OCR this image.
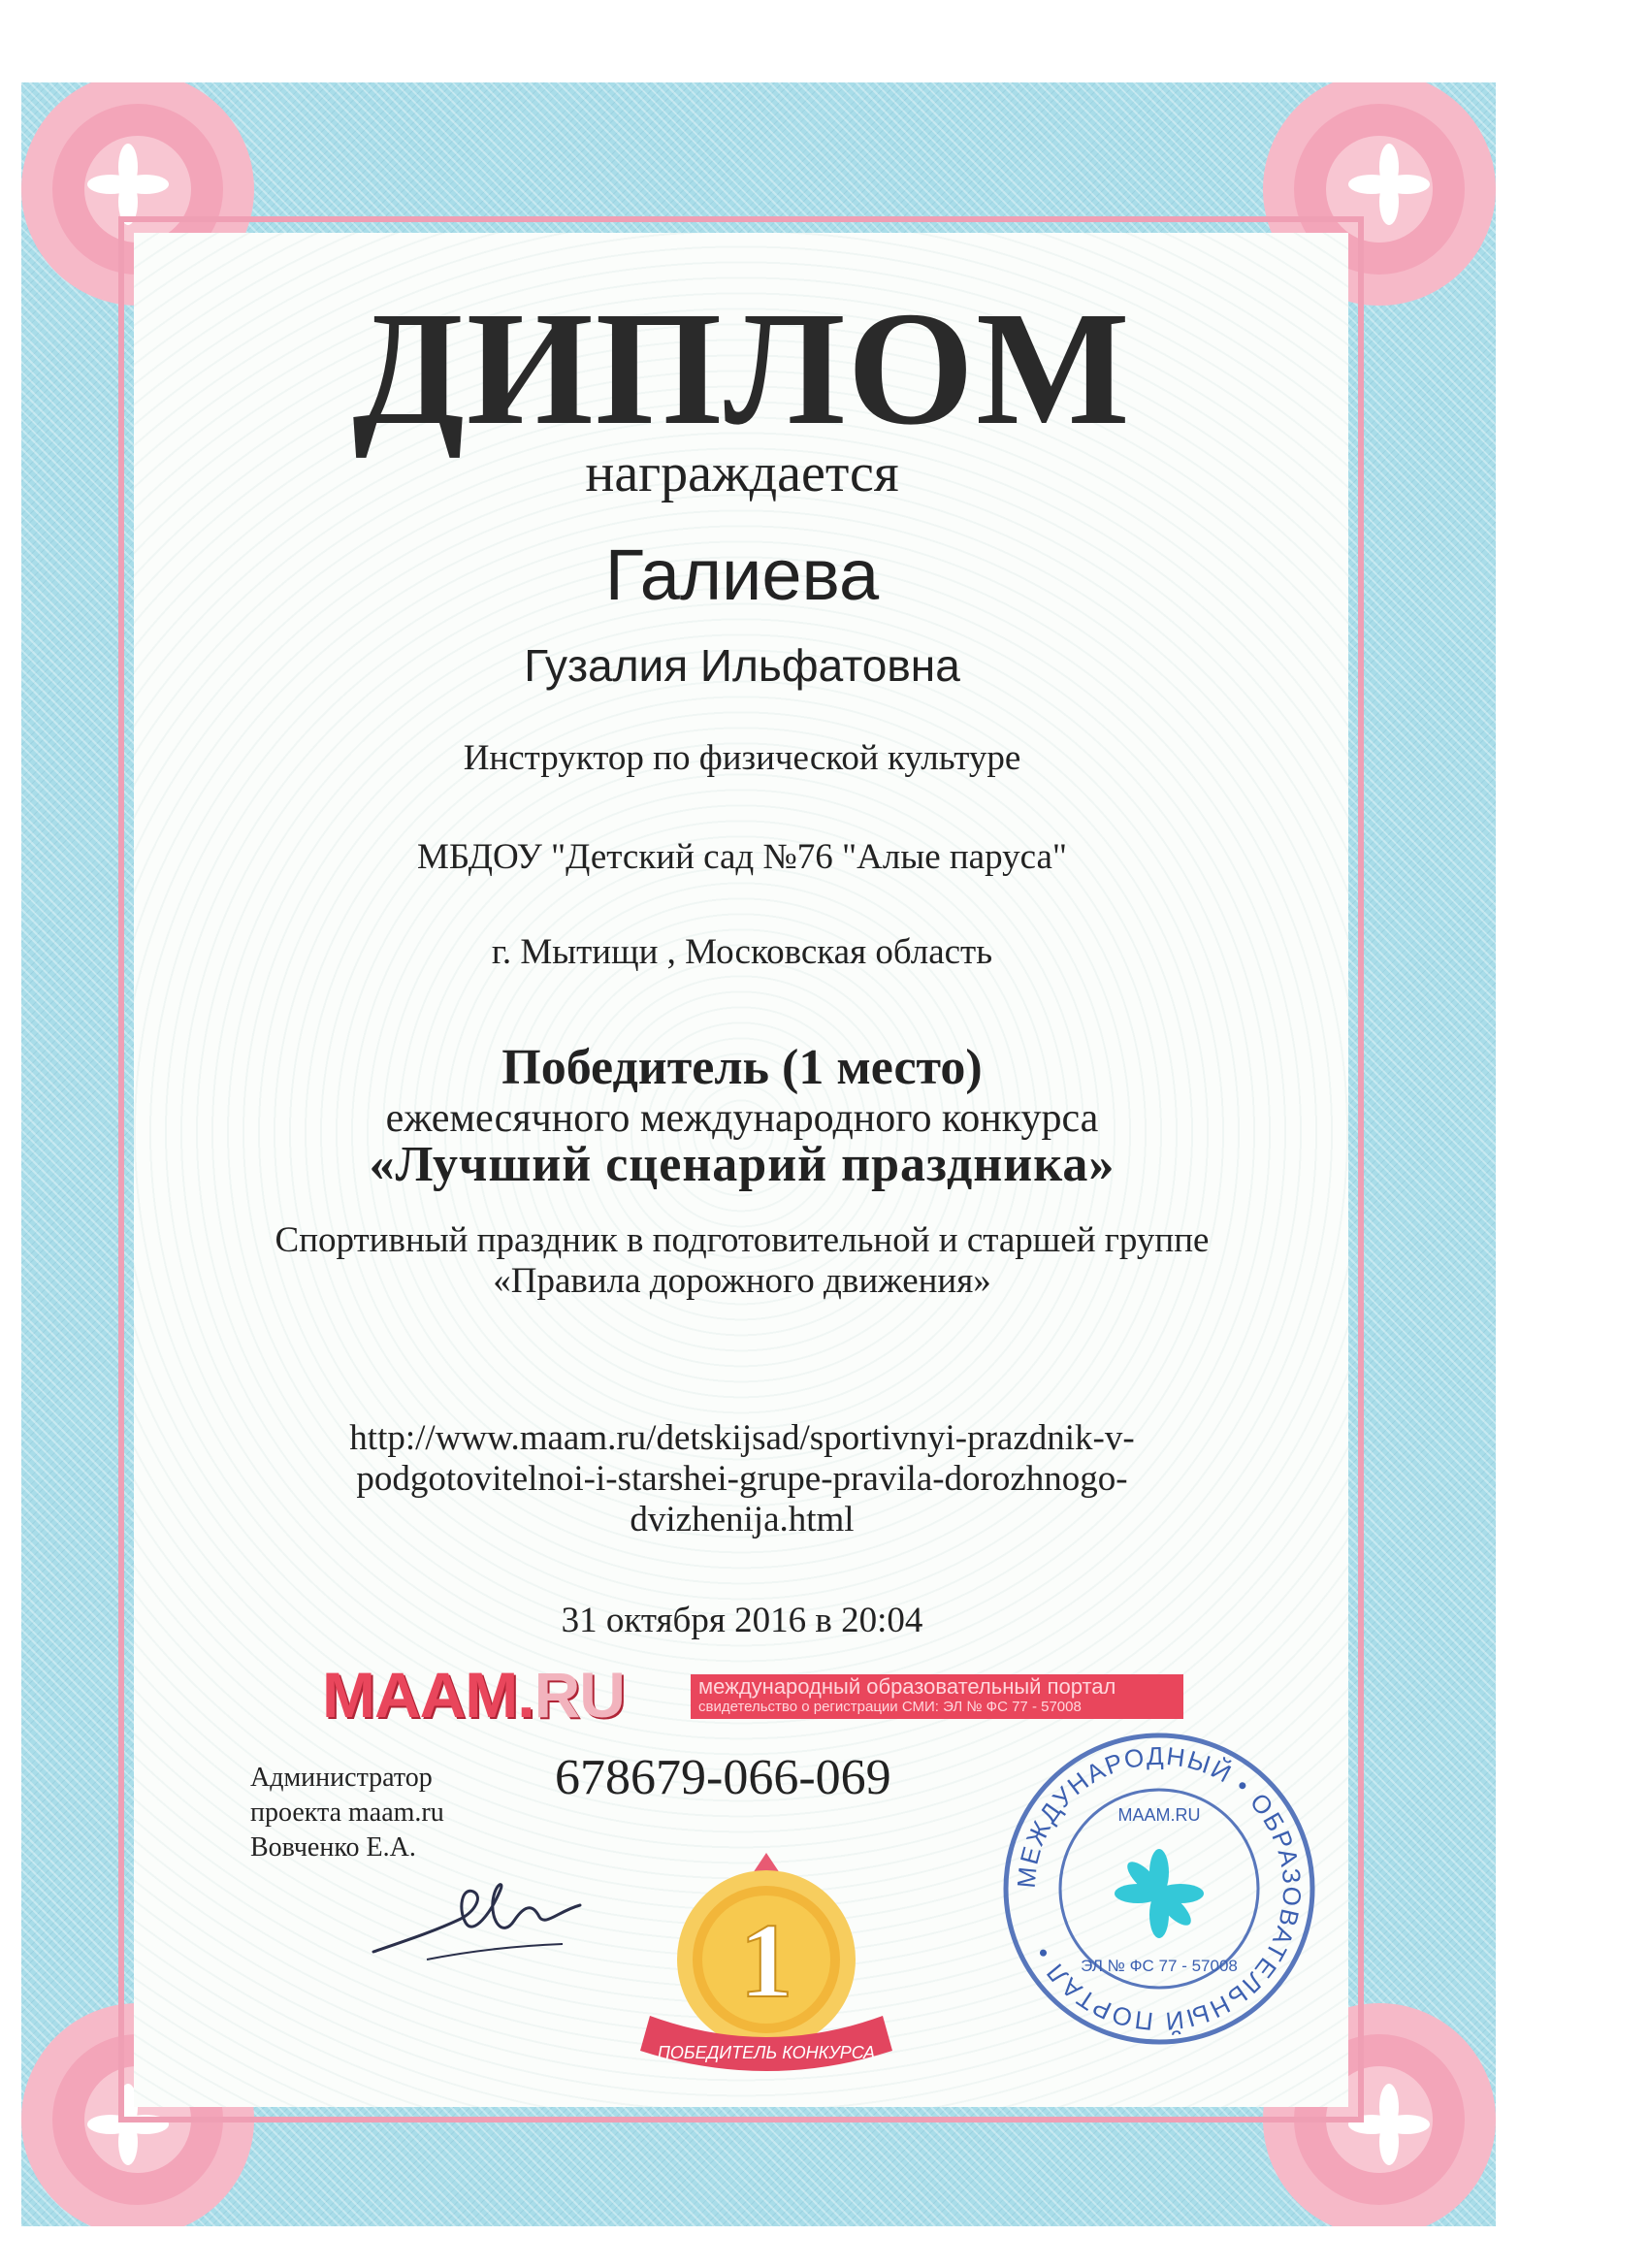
ДИПЛОМ
награждается
Галиева
Гузалия Ильфатовна
Инструктор по физической культуре
МБДОУ "Детский сад №76 "Алые паруса"
г. Мытищи , Московская область
Победитель (1 место)
ежемесячного международного конкурса
«Лучший сценарий праздника»
Спортивный праздник в подготовительной и старшей группе
«Правила дорожного движения»
http://www.maam.ru/detskijsad/sportivnyi-prazdnik-v-
podgotovitelnoi-i-starshei-grupe-pravila-dorozhnogo-
dvizhenija.html
31 октября 2016 в 20:04
MAAM.RU	международный образовательный портал
свидетельство о регистрации СМИ: ЭЛ № ФС 77 - 57008
Администратор
проекта maam.ru
Вовченко Е.А.
678679-066-069
1
ПОБЕДИТЕЛЬ КОНКУРСА
МЕЖДУНАРОДНЫЙ • ОБРАЗОВАТЕЛЬНЫЙ ПОРТАЛ •
MAAM.RU
ЭЛ № ФС 77 - 57008
